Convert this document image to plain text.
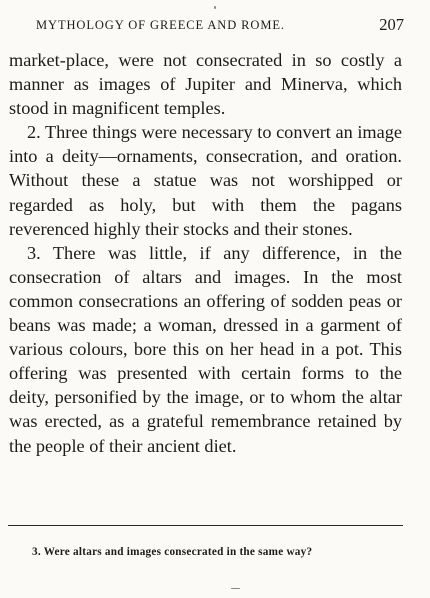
MYTHOLOGY OF GREECE AND ROME.	207

market-place, were not consecrated in so costly a manner as images of Jupiter and Minerva, which stood in magnificent temples.

2. Three things were necessary to convert an image into a deity—ornaments, consecration, and oration. Without these a statue was not worshipped or regarded as holy, but with them the pagans reverenced highly their stocks and their stones.

3. There was little, if any difference, in the consecration of altars and images. In the most common consecrations an offering of sodden peas or beans was made; a woman, dressed in a garment of various colours, bore this on her head in a pot. This offering was presented with certain forms to the deity, personified by the image, or to whom the altar was erected, as a grateful remembrance retained by the people of their ancient diet.

3. Were altars and images consecrated in the same way?
